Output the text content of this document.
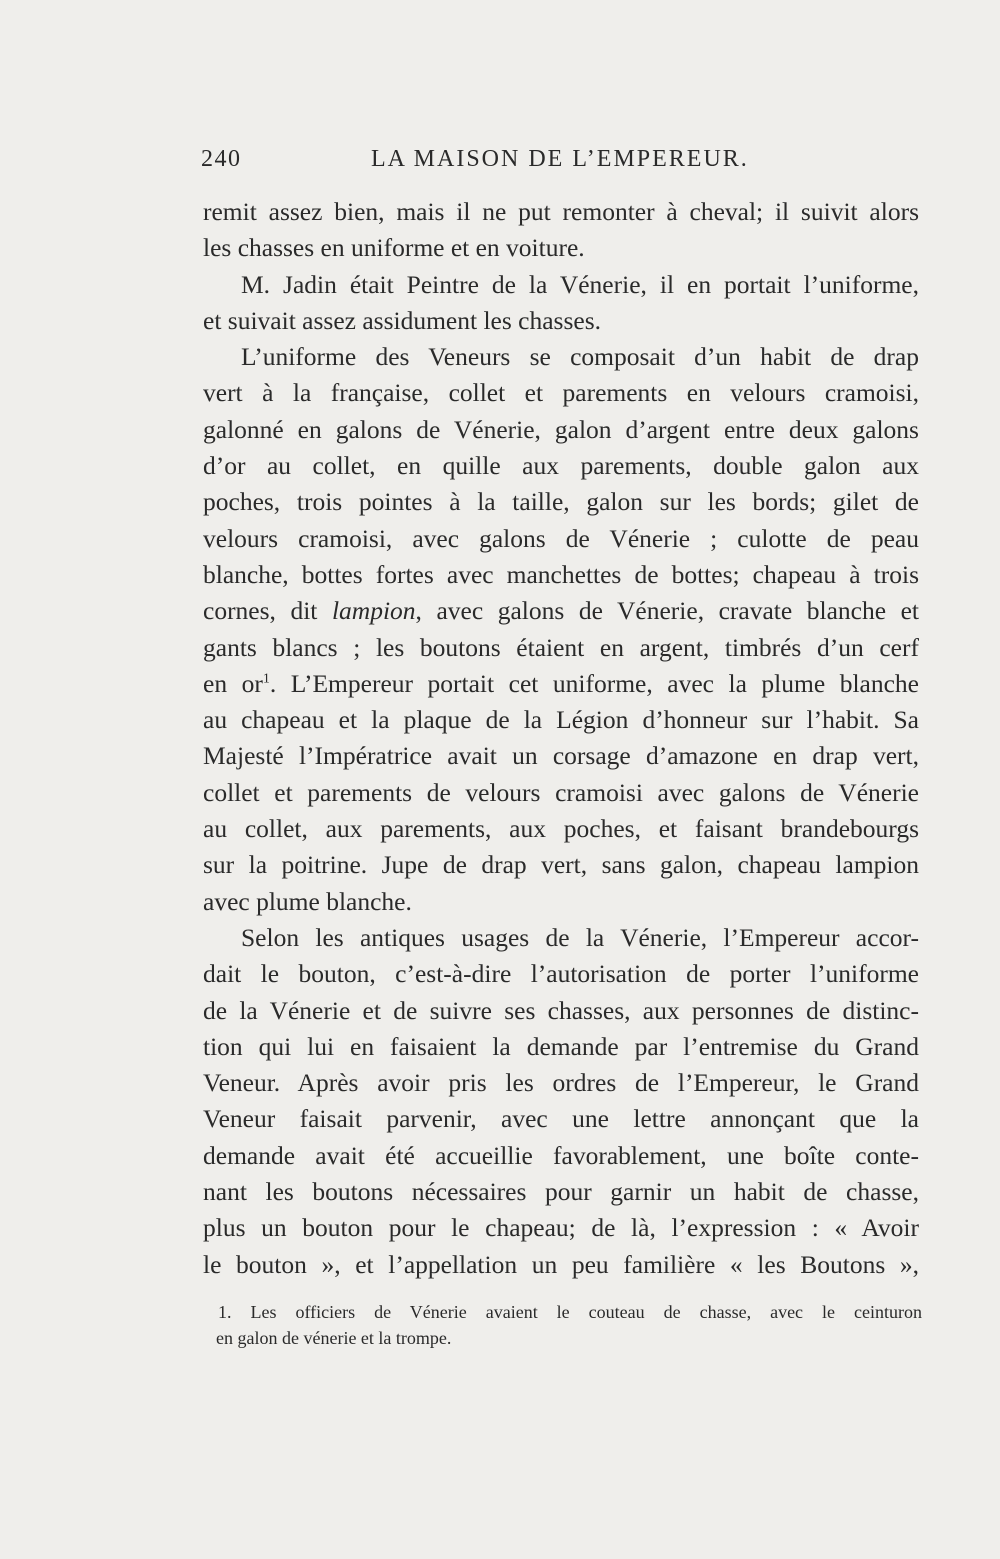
240	LA MAISON DE L’EMPEREUR.
remit assez bien, mais il ne put remonter à cheval; il suivit alors
les chasses en uniforme et en voiture.
M. Jadin était Peintre de la Vénerie, il en portait l’uniforme,
et suivait assez assidument les chasses.
L’uniforme des Veneurs se composait d’un habit de drap
vert à la française, collet et parements en velours cramoisi,
galonné en galons de Vénerie, galon d’argent entre deux galons
d’or au collet, en quille aux parements, double galon aux
poches, trois pointes à la taille, galon sur les bords; gilet de
velours cramoisi, avec galons de Vénerie ; culotte de peau
blanche, bottes fortes avec manchettes de bottes; chapeau à trois
cornes, dit lampion, avec galons de Vénerie, cravate blanche et
gants blancs ; les boutons étaient en argent, timbrés d’un cerf
en $or^1$. L’Empereur portait cet uniforme, avec la plume blanche
au chapeau et la plaque de la Légion d’honneur sur l’habit. Sa
Majesté l’Impératrice avait un corsage d’amazone en drap vert,
collet et parements de velours cramoisi avec galons de Vénerie
au collet, aux parements, aux poches, et faisant brandebourgs
sur la poitrine. Jupe de drap vert, sans galon, chapeau lampion
avec plume blanche.
Selon les antiques usages de la Vénerie, l’Empereur accor-
dait le bouton, c’est-à-dire l’autorisation de porter l’uniforme
de la Vénerie et de suivre ses chasses, aux personnes de distinc-
tion qui lui en faisaient la demande par l’entremise du Grand
Veneur. Après avoir pris les ordres de l’Empereur, le Grand
Veneur faisait parvenir, avec une lettre annonçant que la
demande avait été accueillie favorablement, une boîte conte-
nant les boutons nécessaires pour garnir un habit de chasse,
plus un bouton pour le chapeau; de là, l’expression : « Avoir
le bouton », et l’appellation un peu familière « les Boutons »,
1. Les officiers de Vénerie avaient le couteau de chasse, avec le ceinturon
en galon de vénerie et la trompe.
